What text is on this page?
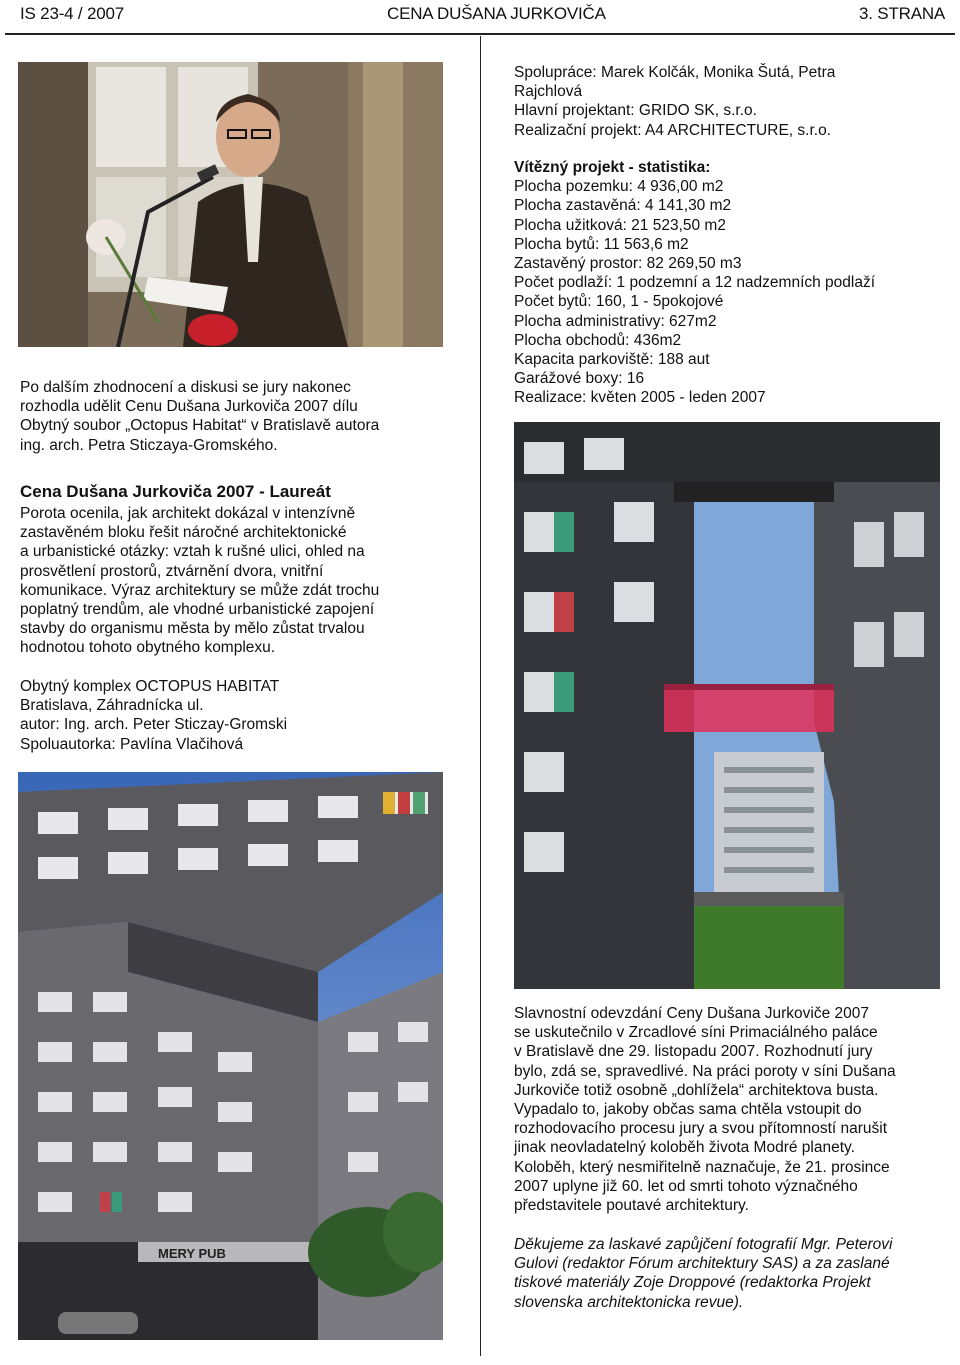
IS 23-4 / 2007	CENA DUŠANA JURKOVIČA	3. STRANA
Po dalším zhodnocení a diskusi se jury nakonec
rozhodla udělit Cenu Dušana Jurkoviča 2007 dílu
Obytný soubor „Octopus Habitat“ v Bratislavě autora
ing. arch. Petra Sticzaya-Gromského.
Cena Dušana Jurkoviča 2007 - Laureát
Porota ocenila, jak architekt dokázal v intenzívně
zastavěném bloku řešit náročné architektonické
a urbanistické otázky: vztah k rušné ulici, ohled na
prosvětlení prostorů, ztvárnění dvora, vnitřní
komunikace. Výraz architektury se může zdát trochu
poplatný trendům, ale vhodné urbanistické zapojení
stavby do organismu města by mělo zůstat trvalou
hodnotou tohoto obytného komplexu.
Obytný komplex OCTOPUS HABITAT
Bratislava, Záhradnícka ul.
autor: Ing. arch. Peter Sticzay-Gromski
Spoluautorka: Pavlína Vlačihová
MERY PUB
Spolupráce: Marek Kolčák, Monika Šutá, Petra
Rajchlová
Hlavní projektant: GRIDO SK, s.r.o.
Realizační projekt: A4 ARCHITECTURE, s.r.o.
Vítězný projekt - statistika:
Plocha pozemku: 4 936,00 m2
Plocha zastavěná: 4 141,30 m2
Plocha užitková: 21 523,50 m2
Plocha bytů: 11 563,6 m2
Zastavěný prostor: 82 269,50 m3
Počet podlaží: 1 podzemní a 12 nadzemních podlaží
Počet bytů: 160, 1 - 5pokojové
Plocha administrativy: 627m2
Plocha obchodů: 436m2
Kapacita parkoviště: 188 aut
Garážové boxy: 16
Realizace: květen 2005 - leden 2007
Slavnostní odevzdání Ceny Dušana Jurkoviče 2007
se uskutečnilo v Zrcadlové síni Primaciálného paláce
v Bratislavě dne 29. listopadu 2007. Rozhodnutí jury
bylo, zdá se, spravedlivé. Na práci poroty v síni Dušana
Jurkoviče totiž osobně „dohlížela“ architektova busta.
Vypadalo to, jakoby občas sama chtěla vstoupit do
rozhodovacího procesu jury a svou přítomností narušit
jinak neovladatelný koloběh života Modré planety.
Koloběh, který nesmiřitelně naznačuje, že 21. prosince
2007 uplyne již 60. let od smrti tohoto význačného
představitele poutavé architektury.
Děkujeme za laskavé zapůjčení fotografií Mgr. Peterovi
Gulovi (redaktor Fórum architektury SAS) a za zaslané
tiskové materiály Zoje Droppové (redaktorka Projekt
slovenska architektonicka revue).
